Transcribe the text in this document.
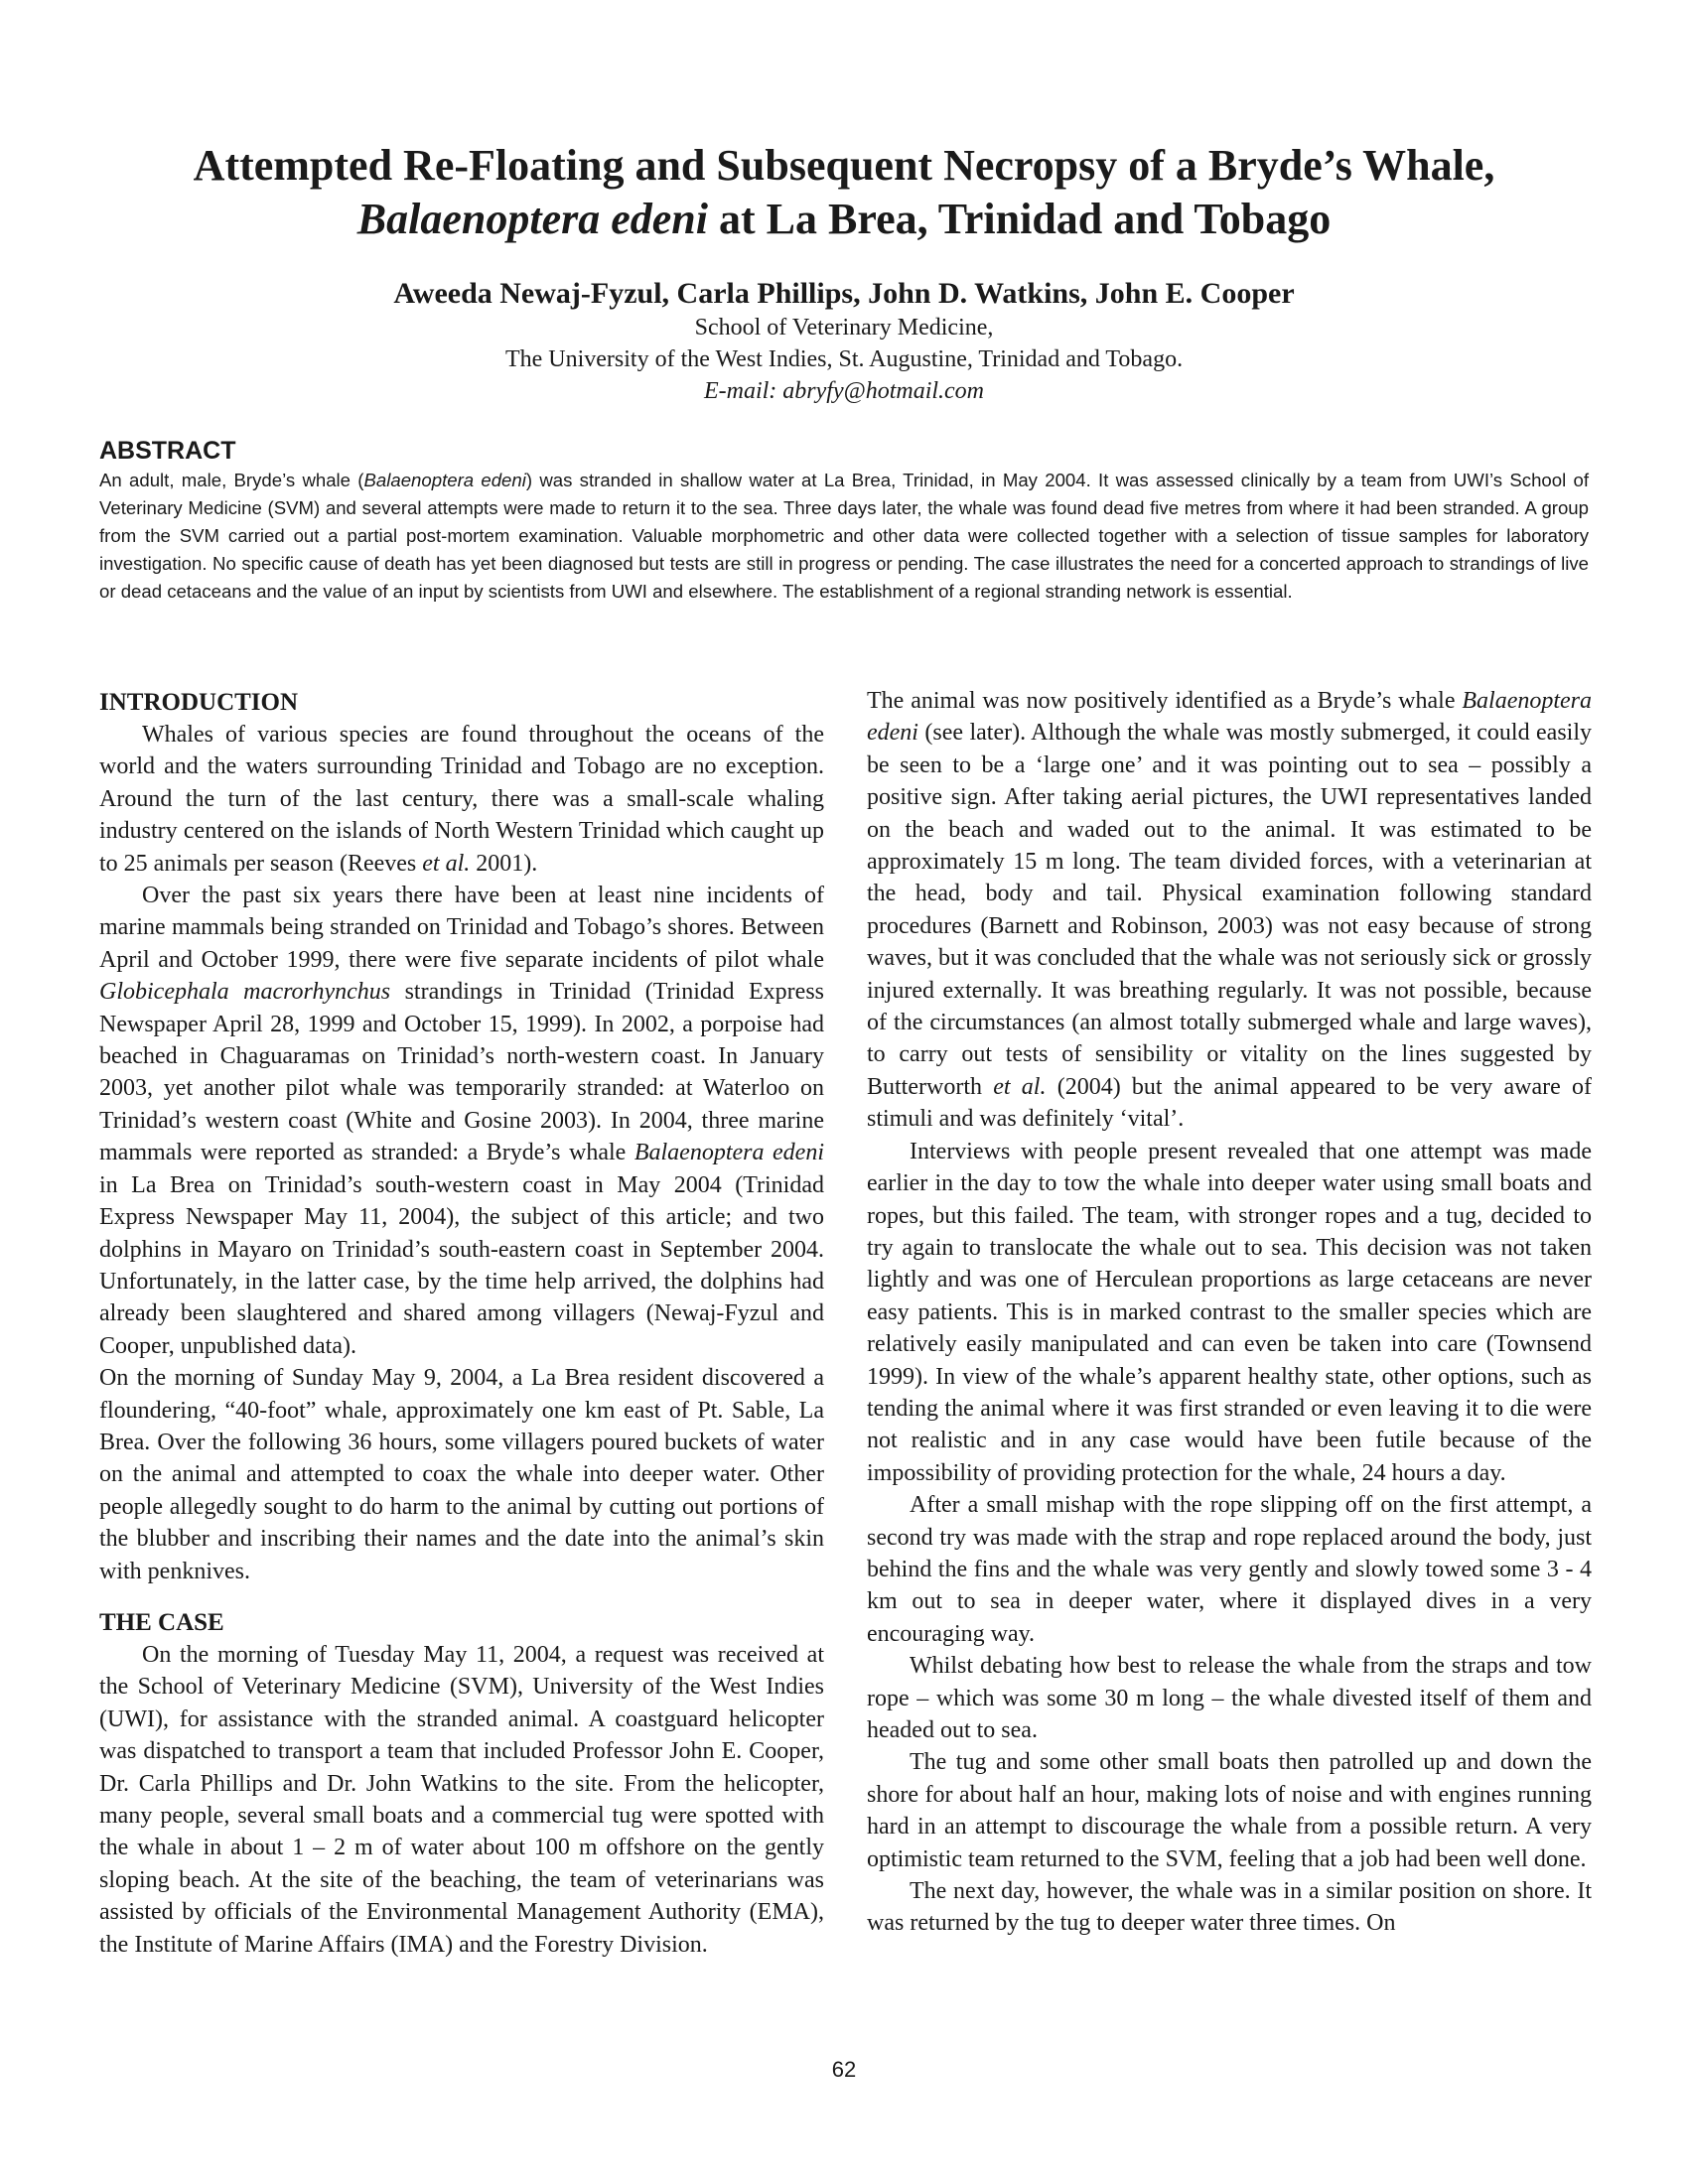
Attempted Re-Floating and Subsequent Necropsy of a Bryde’s Whale,

Balaenoptera edeni at La Brea, Trinidad and Tobago

Aweeda Newaj-Fyzul, Carla Phillips, John D. Watkins, John E. Cooper
School of Veterinary Medicine,
The University of the West Indies, St. Augustine, Trinidad and Tobago.
E-mail: abryfy@hotmail.com

ABSTRACT

An adult, male, Bryde’s whale (Balaenoptera edeni) was stranded in shallow water at La Brea, Trinidad, in May 2004. It was assessed clinically by a team from UWI’s School of Veterinary Medicine (SVM) and several attempts were made to return it to the sea. Three days later, the whale was found dead five metres from where it had been stranded. A group from the SVM carried out a partial post-mortem examination. Valuable morphometric and other data were collected together with a selection of tissue samples for laboratory investigation. No specific cause of death has yet been diagnosed but tests are still in progress or pending. The case illustrates the need for a concerted approach to strandings of live or dead cetaceans and the value of an input by scientists from UWI and elsewhere. The establishment of a regional stranding network is essential.

INTRODUCTION

Whales of various species are found throughout the oceans of the world and the waters surrounding Trinidad and Tobago are no exception. Around the turn of the last century, there was a small-scale whaling industry centered on the islands of North Western Trinidad which caught up to 25 animals per season (Reeves et al. 2001).

Over the past six years there have been at least nine incidents of marine mammals being stranded on Trinidad and Tobago’s shores. Between April and October 1999, there were five separate incidents of pilot whale Globicephala macrorhynchus strandings in Trinidad (Trinidad Express Newspaper April 28, 1999 and October 15, 1999). In 2002, a porpoise had beached in Chaguaramas on Trinidad’s north-western coast. In January 2003, yet another pilot whale was temporarily stranded: at Waterloo on Trinidad’s western coast (White and Gosine 2003). In 2004, three marine mammals were reported as stranded: a Bryde’s whale Balaenoptera edeni in La Brea on Trinidad’s south-western coast in May 2004 (Trinidad Express Newspaper May 11, 2004), the subject of this article; and two dolphins in Mayaro on Trinidad’s south-eastern coast in September 2004. Unfortunately, in the latter case, by the time help arrived, the dolphins had already been slaughtered and shared among villagers (Newaj-Fyzul and Cooper, unpublished data).

On the morning of Sunday May 9, 2004, a La Brea resident discovered a floundering, “40-foot” whale, approximately one km east of Pt. Sable, La Brea. Over the following 36 hours, some villagers poured buckets of water on the animal and attempted to coax the whale into deeper water. Other people allegedly sought to do harm to the animal by cutting out portions of the blubber and inscribing their names and the date into the animal’s skin with penknives.

THE CASE

On the morning of Tuesday May 11, 2004, a request was received at the School of Veterinary Medicine (SVM), University of the West Indies (UWI), for assistance with the stranded animal. A coastguard helicopter was dispatched to transport a team that included Professor John E. Cooper, Dr. Carla Phillips and Dr. John Watkins to the site. From the helicopter, many people, several small boats and a commercial tug were spotted with the whale in about 1 – 2 m of water about 100 m offshore on the gently sloping beach. At the site of the beaching, the team of veterinarians was assisted by officials of the Environmental Management Authority (EMA), the Institute of Marine Affairs (IMA) and the Forestry Division.

The animal was now positively identified as a Bryde’s whale Balaenoptera edeni (see later). Although the whale was mostly submerged, it could easily be seen to be a ‘large one’ and it was pointing out to sea – possibly a positive sign. After taking aerial pictures, the UWI representatives landed on the beach and waded out to the animal. It was estimated to be approximately 15 m long. The team divided forces, with a veterinarian at the head, body and tail. Physical examination following standard procedures (Barnett and Robinson, 2003) was not easy because of strong waves, but it was concluded that the whale was not seriously sick or grossly injured externally. It was breathing regularly. It was not possible, because of the circumstances (an almost totally submerged whale and large waves), to carry out tests of sensibility or vitality on the lines suggested by Butterworth et al. (2004) but the animal appeared to be very aware of stimuli and was definitely ‘vital’.

Interviews with people present revealed that one attempt was made earlier in the day to tow the whale into deeper water using small boats and ropes, but this failed. The team, with stronger ropes and a tug, decided to try again to translocate the whale out to sea. This decision was not taken lightly and was one of Herculean proportions as large cetaceans are never easy patients. This is in marked contrast to the smaller species which are relatively easily manipulated and can even be taken into care (Townsend 1999). In view of the whale’s apparent healthy state, other options, such as tending the animal where it was first stranded or even leaving it to die were not realistic and in any case would have been futile because of the impossibility of providing protection for the whale, 24 hours a day.

After a small mishap with the rope slipping off on the first attempt, a second try was made with the strap and rope replaced around the body, just behind the fins and the whale was very gently and slowly towed some 3 - 4 km out to sea in deeper water, where it displayed dives in a very encouraging way.

Whilst debating how best to release the whale from the straps and tow rope – which was some 30 m long – the whale divested itself of them and headed out to sea.

The tug and some other small boats then patrolled up and down the shore for about half an hour, making lots of noise and with engines running hard in an attempt to discourage the whale from a possible return. A very optimistic team returned to the SVM, feeling that a job had been well done.

The next day, however, the whale was in a similar position on shore. It was returned by the tug to deeper water three times. On

62
